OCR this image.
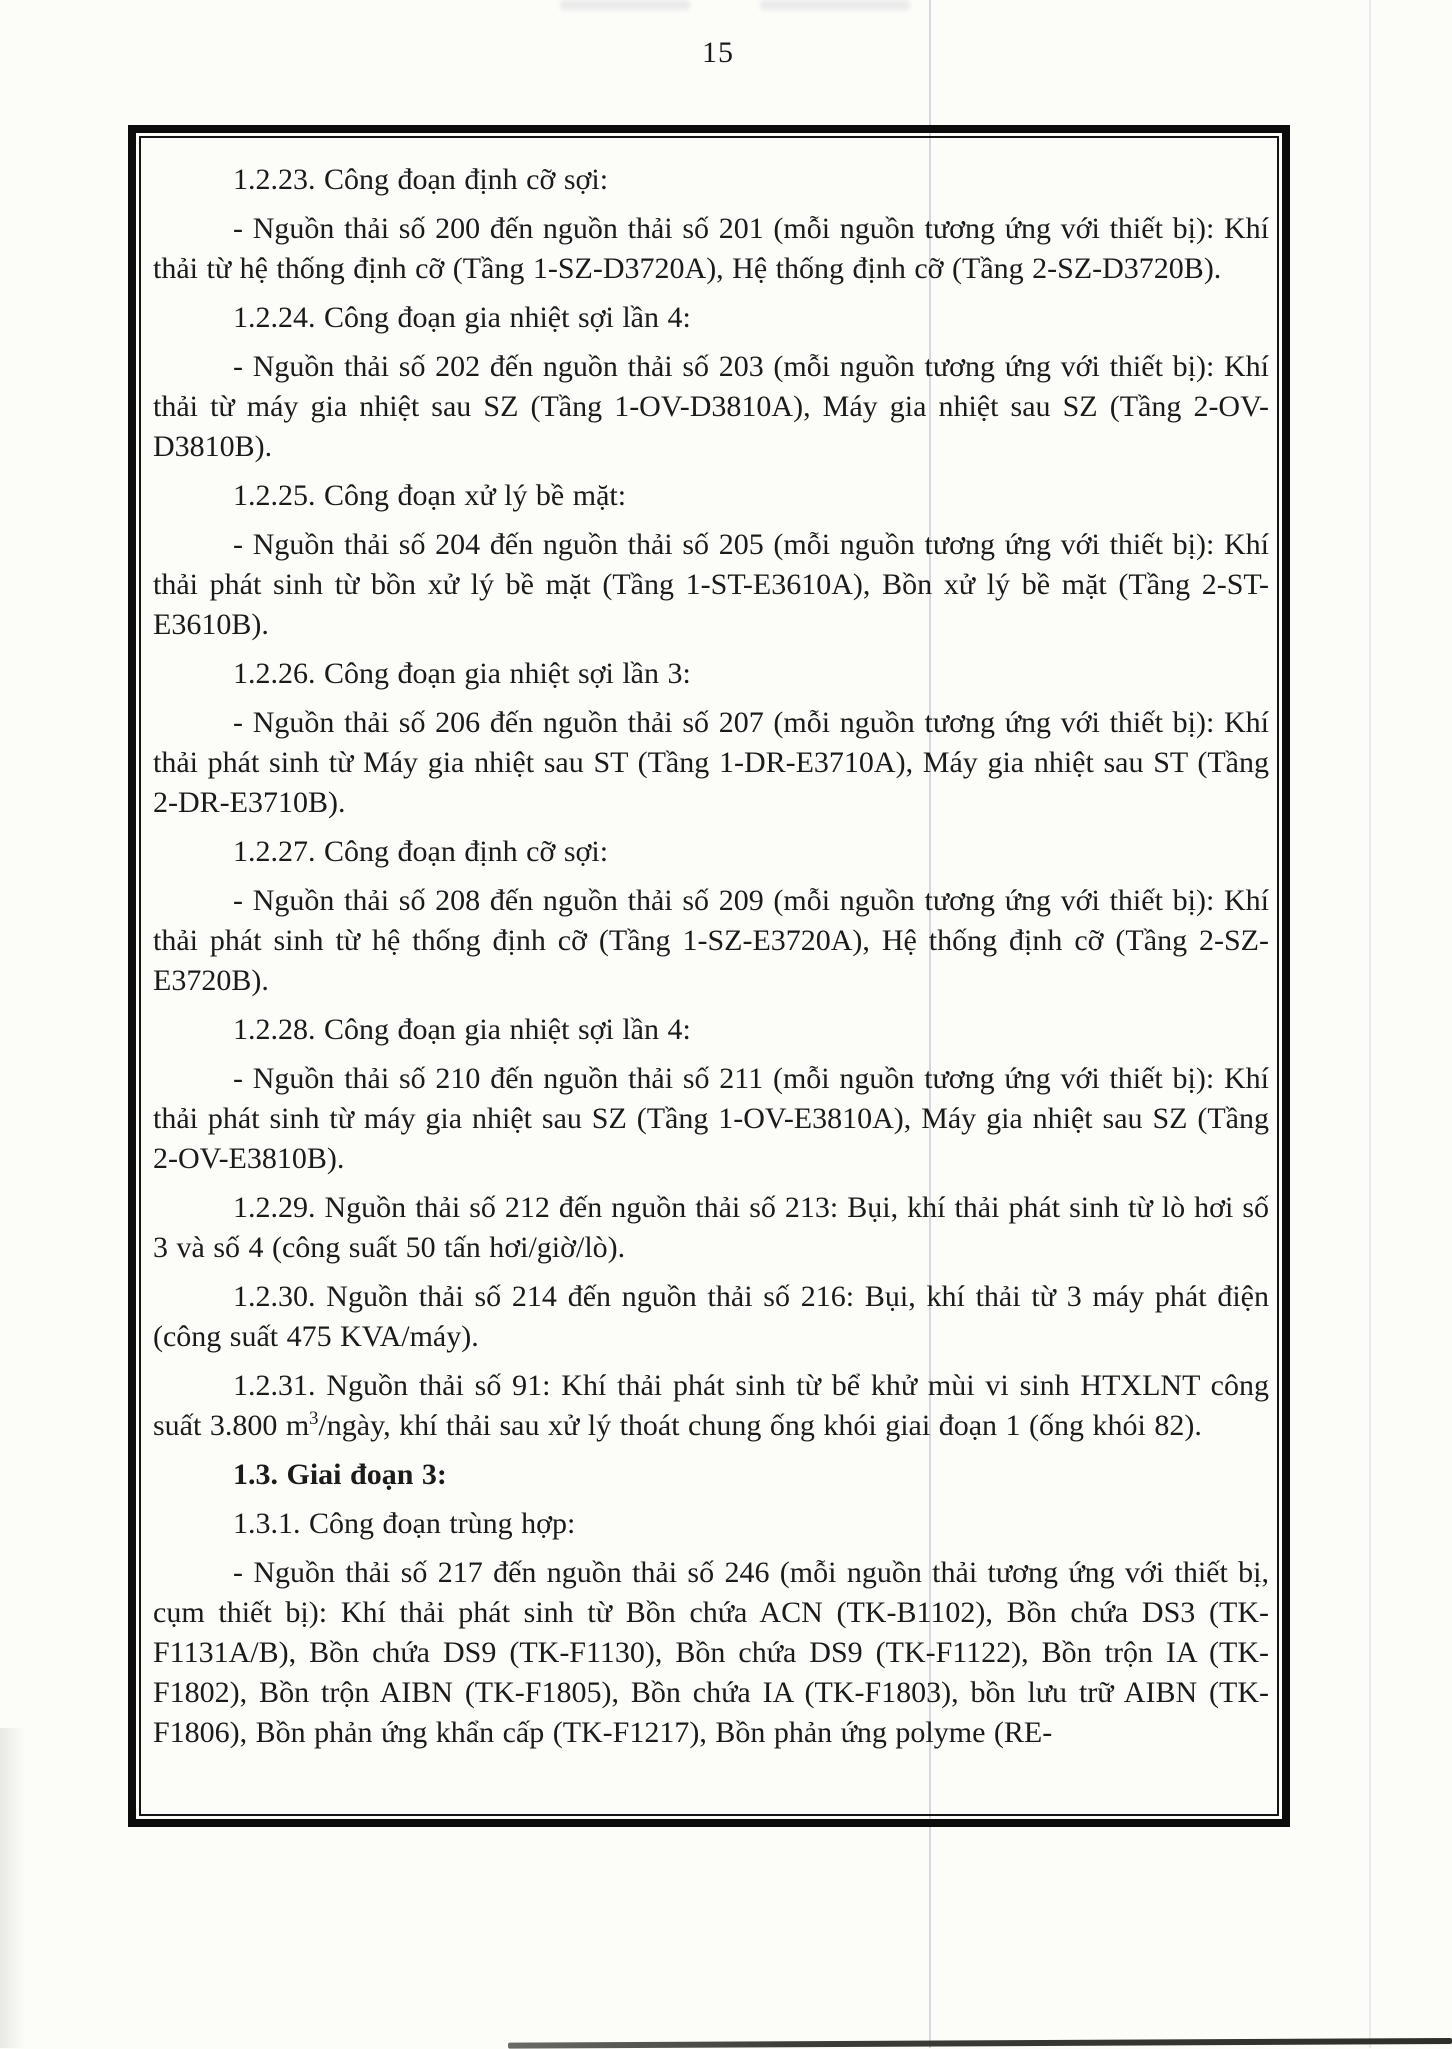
15

1.2.23. Công đoạn định cỡ sợi:

- Nguồn thải số 200 đến nguồn thải số 201 (mỗi nguồn tương ứng với thiết bị): Khí thải từ hệ thống định cỡ (Tầng 1-SZ-D3720A), Hệ thống định cỡ (Tầng 2-SZ-D3720B).

1.2.24. Công đoạn gia nhiệt sợi lần 4:

- Nguồn thải số 202 đến nguồn thải số 203 (mỗi nguồn tương ứng với thiết bị): Khí thải từ máy gia nhiệt sau SZ (Tầng 1-OV-D3810A), Máy gia nhiệt sau SZ (Tầng 2-OV-D3810B).

1.2.25. Công đoạn xử lý bề mặt:

- Nguồn thải số 204 đến nguồn thải số 205 (mỗi nguồn tương ứng với thiết bị): Khí thải phát sinh từ bồn xử lý bề mặt (Tầng 1-ST-E3610A), Bồn xử lý bề mặt (Tầng 2-ST-E3610B).

1.2.26. Công đoạn gia nhiệt sợi lần 3:

- Nguồn thải số 206 đến nguồn thải số 207 (mỗi nguồn tương ứng với thiết bị): Khí thải phát sinh từ Máy gia nhiệt sau ST (Tầng 1-DR-E3710A), Máy gia nhiệt sau ST (Tầng 2-DR-E3710B).

1.2.27. Công đoạn định cỡ sợi:

- Nguồn thải số 208 đến nguồn thải số 209 (mỗi nguồn tương ứng với thiết bị): Khí thải phát sinh từ hệ thống định cỡ (Tầng 1-SZ-E3720A), Hệ thống định cỡ (Tầng 2-SZ-E3720B).

1.2.28. Công đoạn gia nhiệt sợi lần 4:

- Nguồn thải số 210 đến nguồn thải số 211 (mỗi nguồn tương ứng với thiết bị): Khí thải phát sinh từ máy gia nhiệt sau SZ (Tầng 1-OV-E3810A), Máy gia nhiệt sau SZ (Tầng 2-OV-E3810B).

1.2.29. Nguồn thải số 212 đến nguồn thải số 213: Bụi, khí thải phát sinh từ lò hơi số 3 và số 4 (công suất 50 tấn hơi/giờ/lò).

1.2.30. Nguồn thải số 214 đến nguồn thải số 216: Bụi, khí thải từ 3 máy phát điện (công suất 475 KVA/máy).

1.2.31. Nguồn thải số 91: Khí thải phát sinh từ bể khử mùi vi sinh HTXLNT công suất 3.800 $m^3$/ngày, khí thải sau xử lý thoát chung ống khói giai đoạn 1 (ống khói 82).

1.3. Giai đoạn 3:

1.3.1. Công đoạn trùng hợp:

- Nguồn thải số 217 đến nguồn thải số 246 (mỗi nguồn thải tương ứng với thiết bị, cụm thiết bị): Khí thải phát sinh từ Bồn chứa ACN (TK-B1102), Bồn chứa DS3 (TK-F1131A/B), Bồn chứa DS9 (TK-F1130), Bồn chứa DS9 (TK-F1122), Bồn trộn IA (TK-F1802), Bồn trộn AIBN (TK-F1805), Bồn chứa IA (TK-F1803), bồn lưu trữ AIBN (TK-F1806), Bồn phản ứng khẩn cấp (TK-F1217), Bồn phản ứng polyme (RE-
